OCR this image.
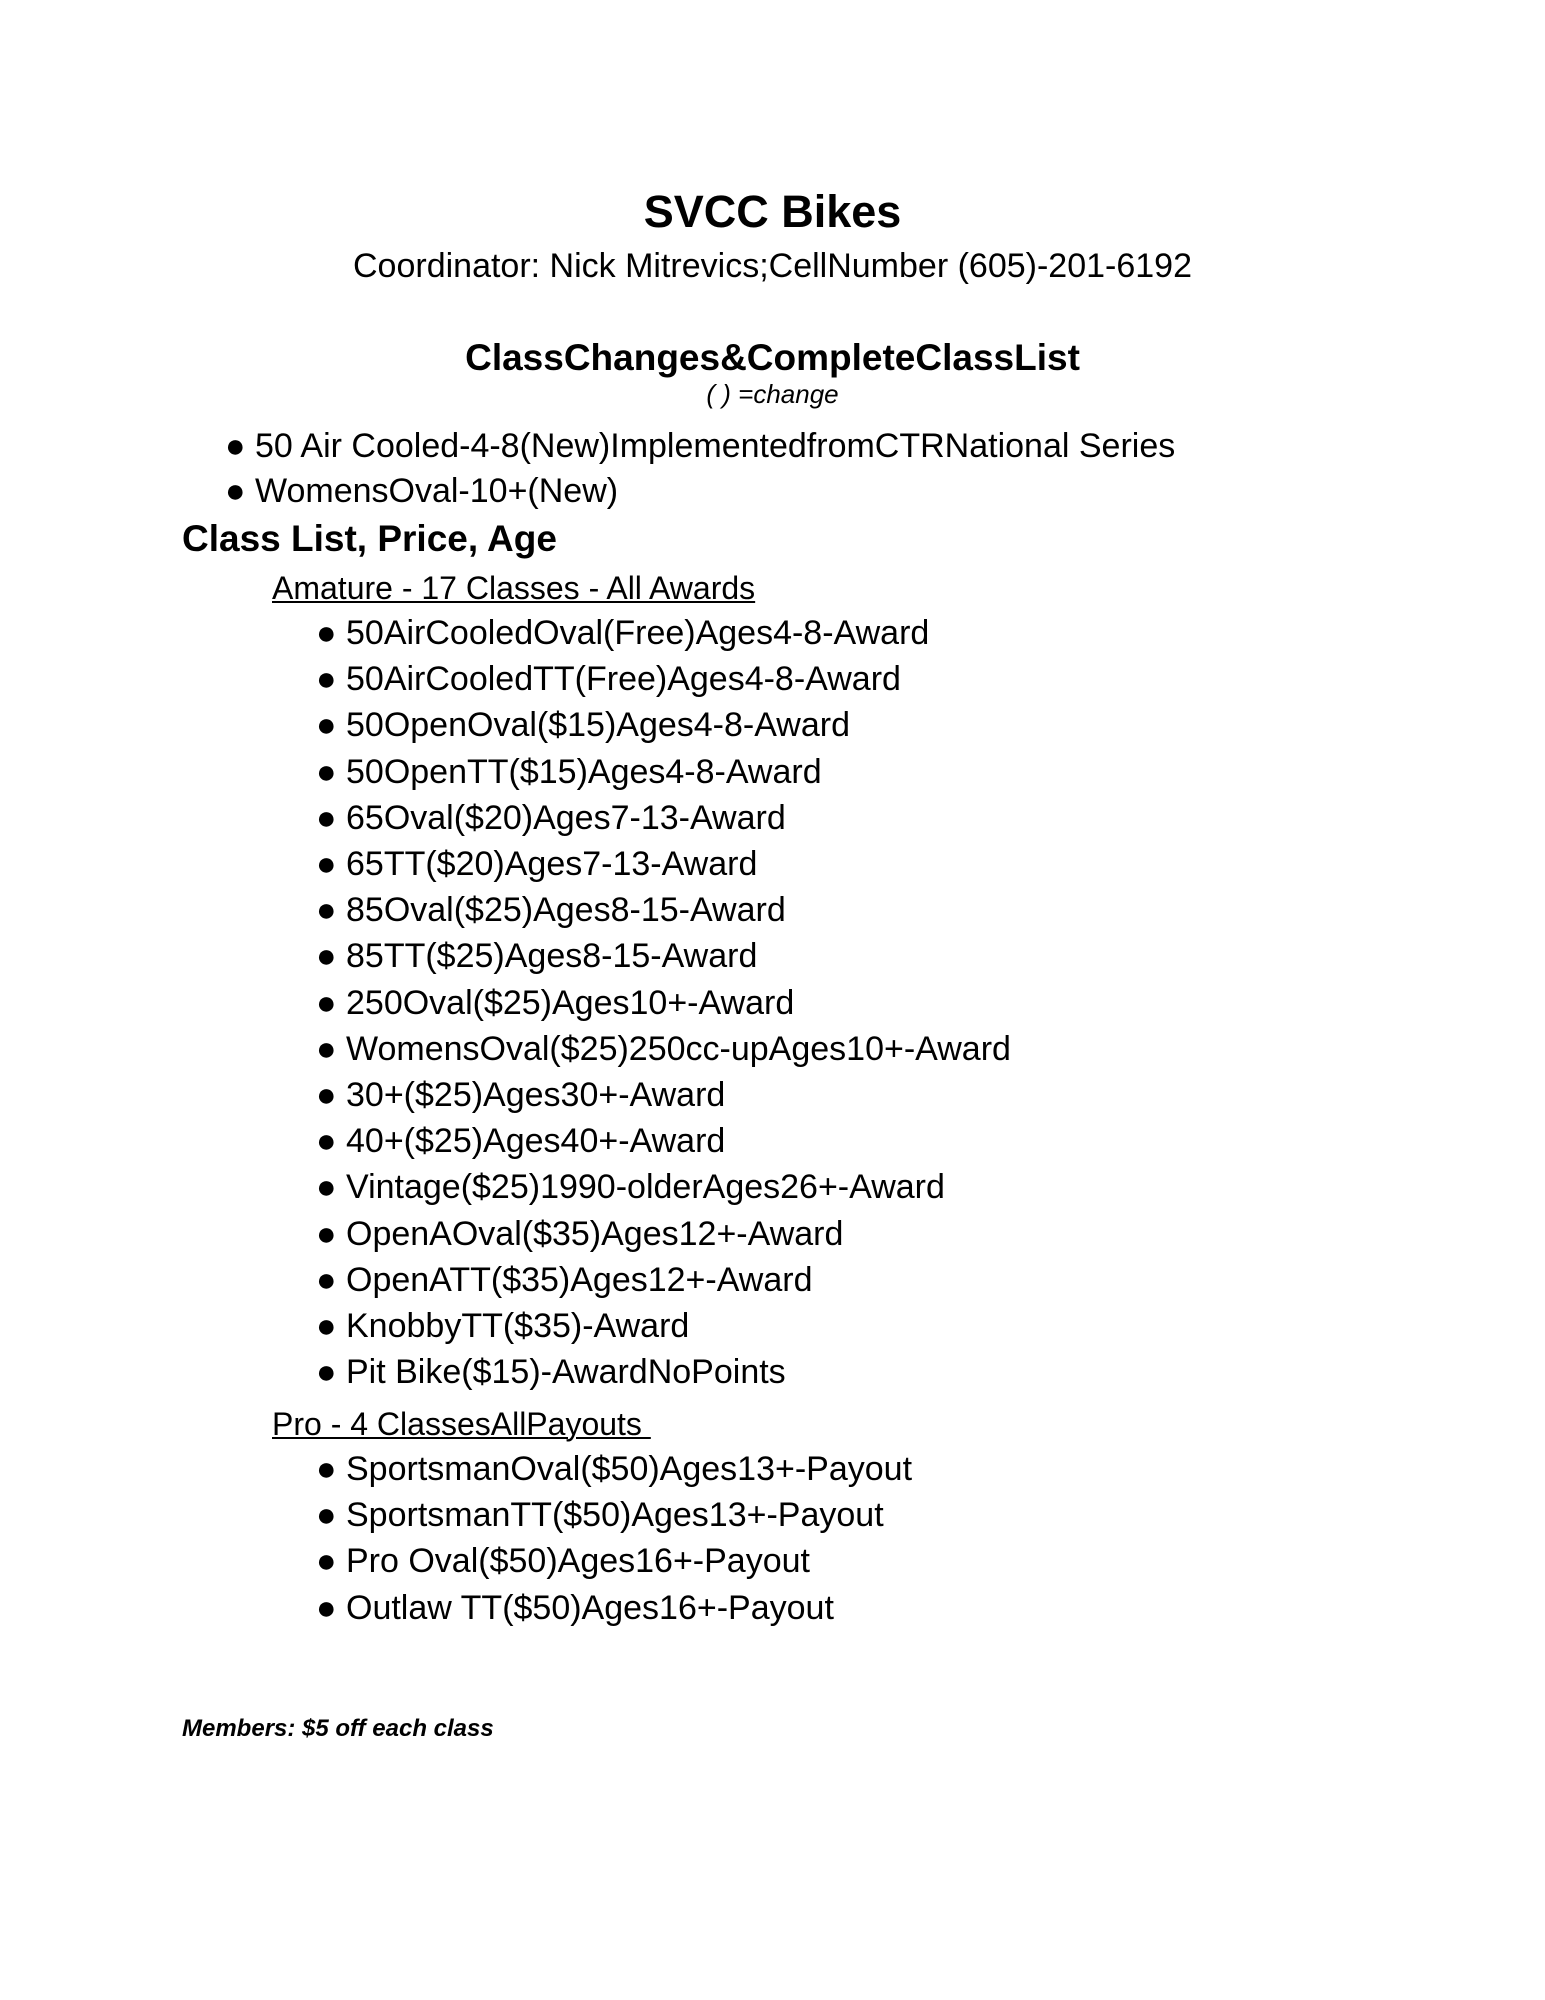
SVCC Bikes
Coordinator: Nick Mitrevics;CellNumber (605)-201-6192
ClassChanges&CompleteClassList
( ) =change
● 50 Air Cooled-4-8(New)ImplementedfromCTRNational Series
● WomensOval-10+(New)
Class List, Price, Age
Amature - 17 Classes - All Awards
● 50AirCooledOval(Free)Ages4-8-Award
● 50AirCooledTT(Free)Ages4-8-Award
● 50OpenOval($15)Ages4-8-Award
● 50OpenTT($15)Ages4-8-Award
● 65Oval($20)Ages7-13-Award
● 65TT($20)Ages7-13-Award
● 85Oval($25)Ages8-15-Award
● 85TT($25)Ages8-15-Award
● 250Oval($25)Ages10+-Award
● WomensOval($25)250cc-upAges10+-Award
● 30+($25)Ages30+-Award
● 40+($25)Ages40+-Award
● Vintage($25)1990-olderAges26+-Award
● OpenAOval($35)Ages12+-Award
● OpenATT($35)Ages12+-Award
● KnobbyTT($35)-Award
● Pit Bike($15)-AwardNoPoints
Pro - 4 ClassesAllPayouts
● SportsmanOval($50)Ages13+-Payout
● SportsmanTT($50)Ages13+-Payout
● Pro Oval($50)Ages16+-Payout
● Outlaw TT($50)Ages16+-Payout
Members: $5 off each class
